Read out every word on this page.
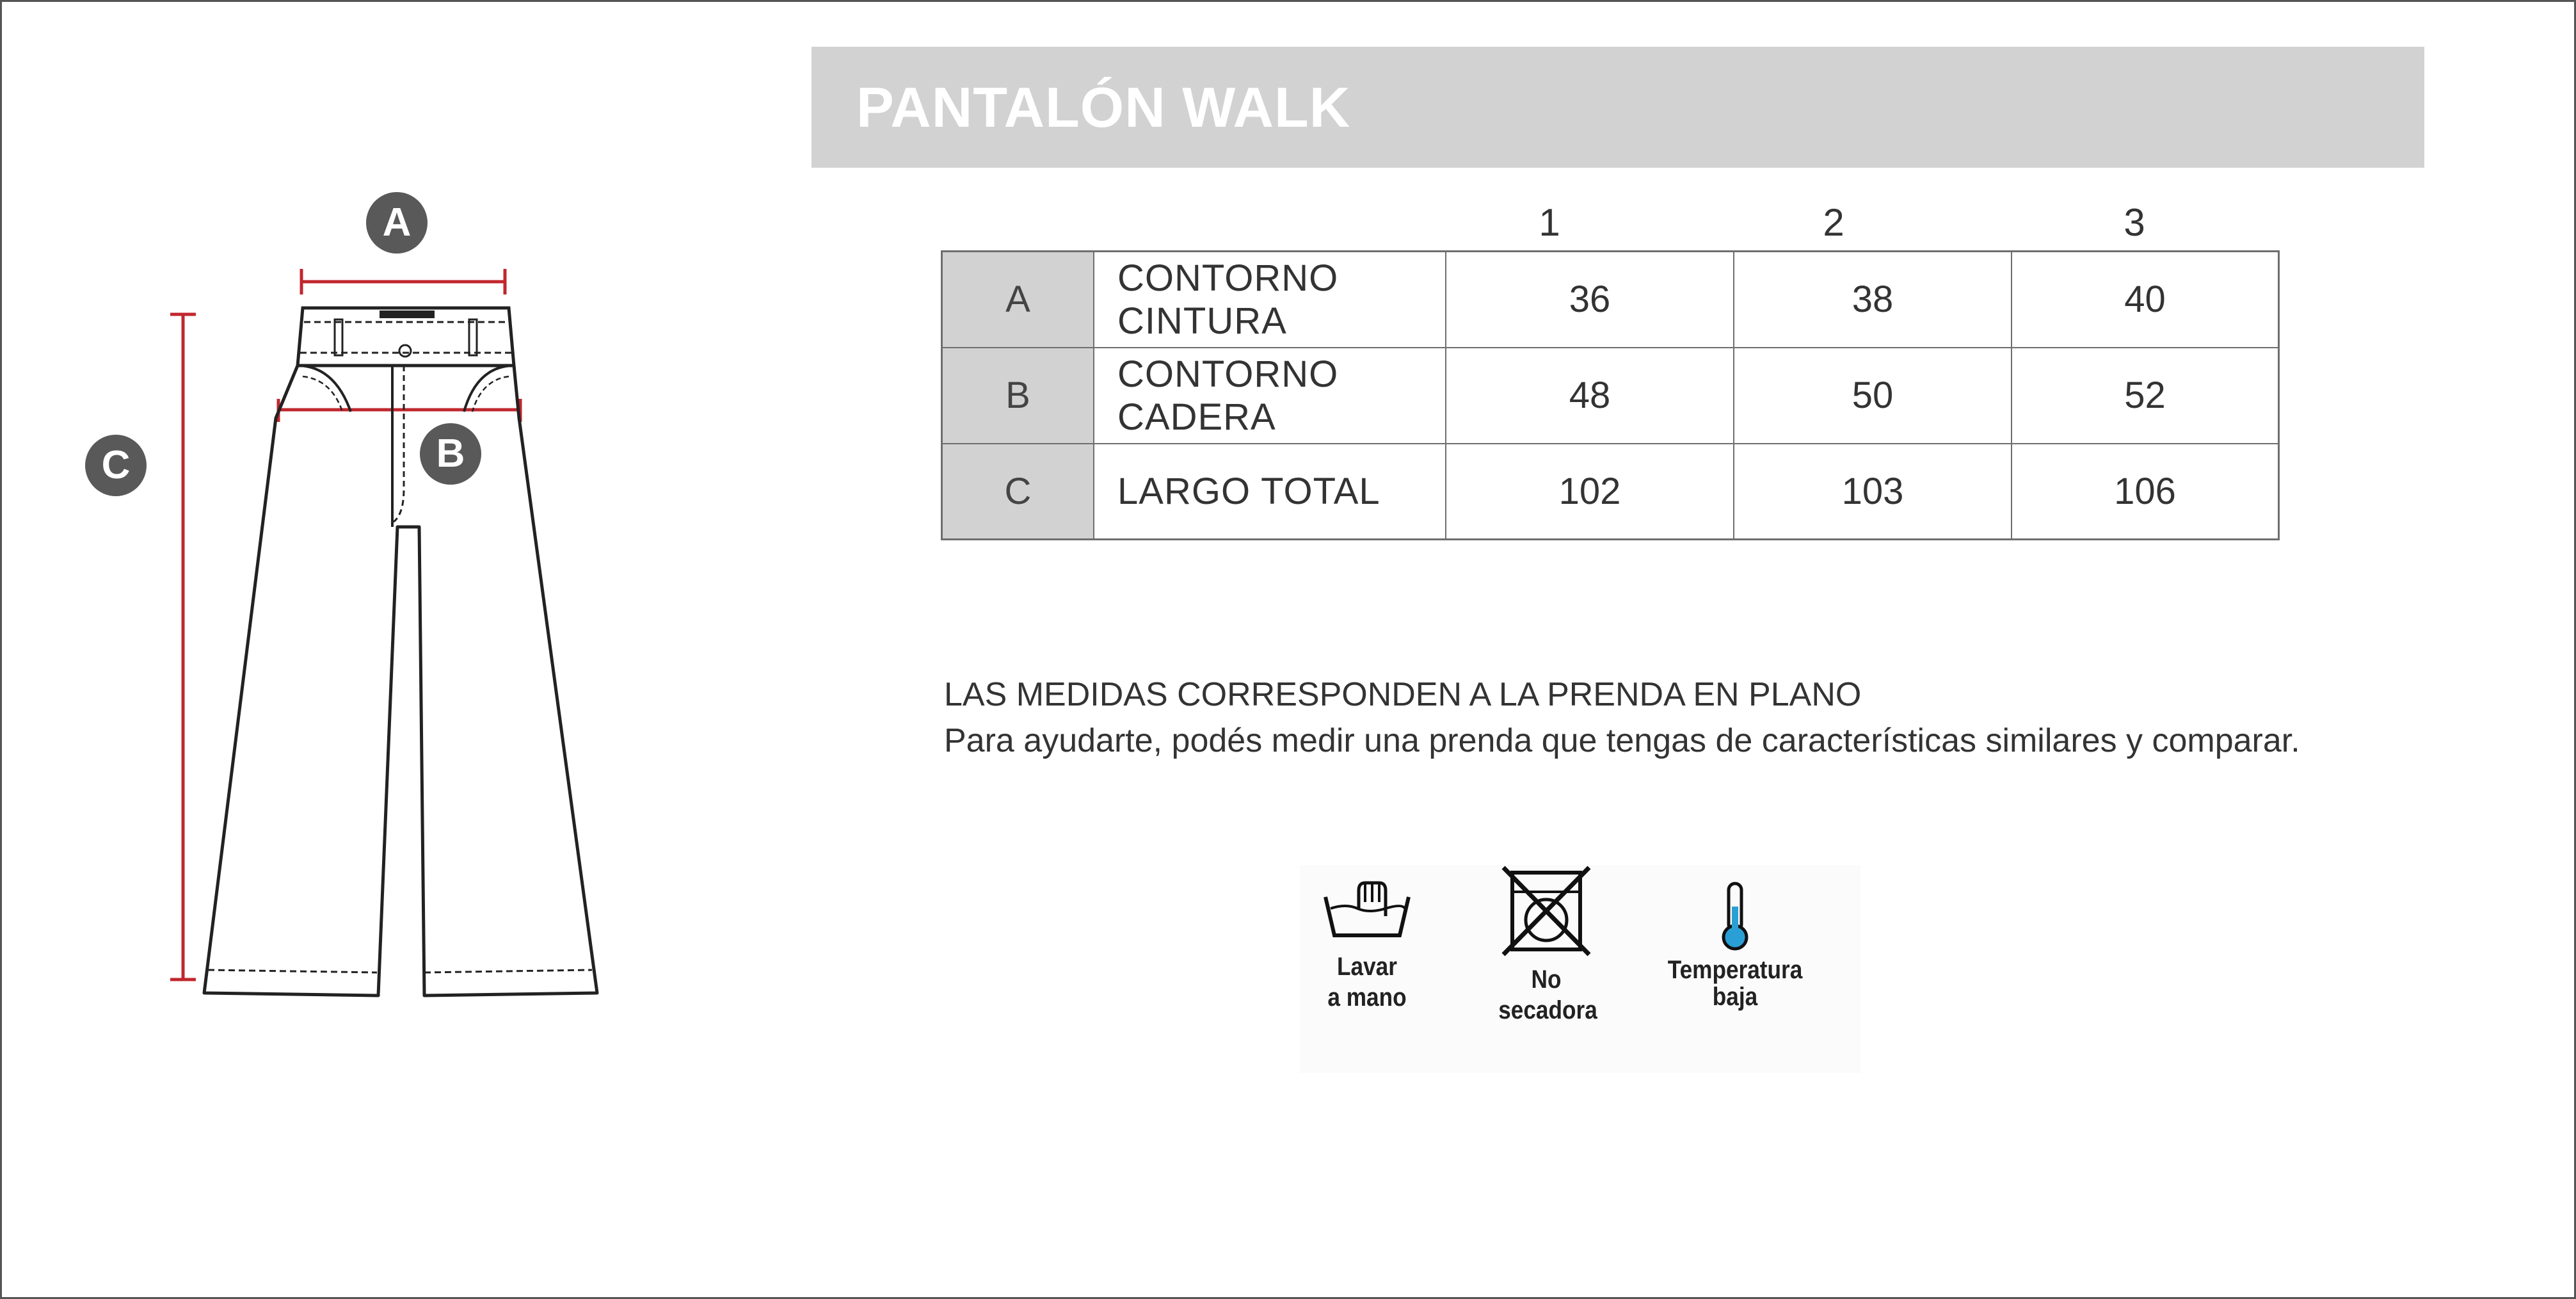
A
B
C
PANTALÓN WALK
1	2	3
A	CONTORNO CINTURA	36	38	40
B	CONTORNO CADERA	48	50	52
C	LARGO TOTAL	102	103	106
LAS MEDIDAS CORRESPONDEN A LA PRENDA EN PLANO
Para ayudarte, podés medir una prenda que tengas de características similares y comparar.
Lavar
a mano
No
secadora
Temperatura
baja
